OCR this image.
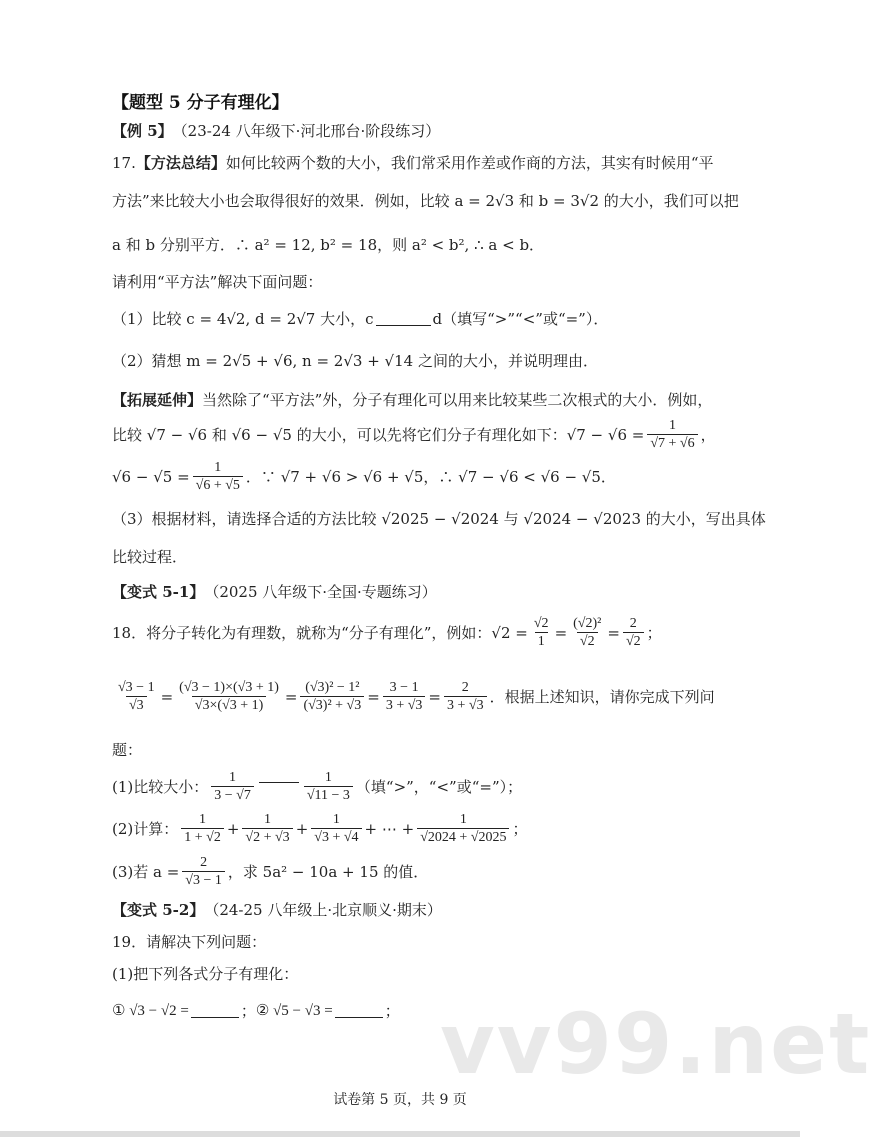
【题型 5 分子有理化】
【例 5】 （23-24 八年级下·河北邢台·阶段练习）
17. 【方法总结】 如何比较两个数的大小，我们常采用作差或作商的方法，其实有时候用“平
方法”来比较大小也会取得很好的效果．例如，比较 a = 2√3 和 b = 3√2 的大小，我们可以把
a 和 b 分别平方．∴ a² = 12, b² = 18，则 a² < b², ∴ a < b．
请利用“平方法”解决下面问题：
（1）比较 c = 4√2, d = 2√7 大小，c	d（填写“>”“<”或“=”）．
（2）猜想 m = 2√5 + √6, n = 2√3 + √14 之间的大小，并说明理由．
【拓展延伸】 当然除了“平方法”外，分子有理化可以用来比较某些二次根式的大小．例如，
比较 √7 − √6 和 √6 − √5 的大小，可以先将它们分子有理化如下：$√7 - √6 = \frac{1}{√7 + √6}$ ，
$√6 - √5 = \frac{1}{√6 + √5}$ ．∵ √7 + √6 > √6 + √5，∴ √7 − √6 < √6 − √5．
（3）根据材料，请选择合适的方法比较 √2025 − √2024 与 √2024 − √2023 的大小，写出具体
比较过程．
【变式 5-1】 （2025 八年级下·全国·专题练习）
18．将分子转化为有理数，就称为“分子有理化”，例如：$√2 = \frac{√2}{1} = \frac{\text{(√2)²}}{√2} = \frac{2}{√2}$ ；
$\frac{√3 - 1}{√3} = \frac{(√3 - 1)\times(√3 + 1)}{√3\times(√3 + 1)} = \frac{\text{(√3)² − 1²}}{\text{(√3)² + √3}} = \frac{3 - 1}{3 + √3} = \frac{2}{3 + √3}$ ．根据上述知识，请你完成下列问
题：
(1)比较大小： $\frac{1}{3 - √7}$	$\frac{1}{√11 - 3}$ （填“>”，“<”或“=”）；
(2)计算： $\frac{1}{1 + √2} + \frac{1}{√2 + √3} + \frac{1}{√3 + √4}$ + ⋯ + $\frac{1}{√2024 + √2025}$ ；
(3)若 $a = \frac{2}{√3 - 1}$ ，求 5a² − 10a + 15 的值．
【变式 5-2】 （24-25 八年级上·北京顺义·期末）
19．请解决下列问题：
(1)把下列各式分子有理化：
① √3 − √2 =	； ② √5 − √3 =	； vv99.net
试卷第 5 页，共 9 页
